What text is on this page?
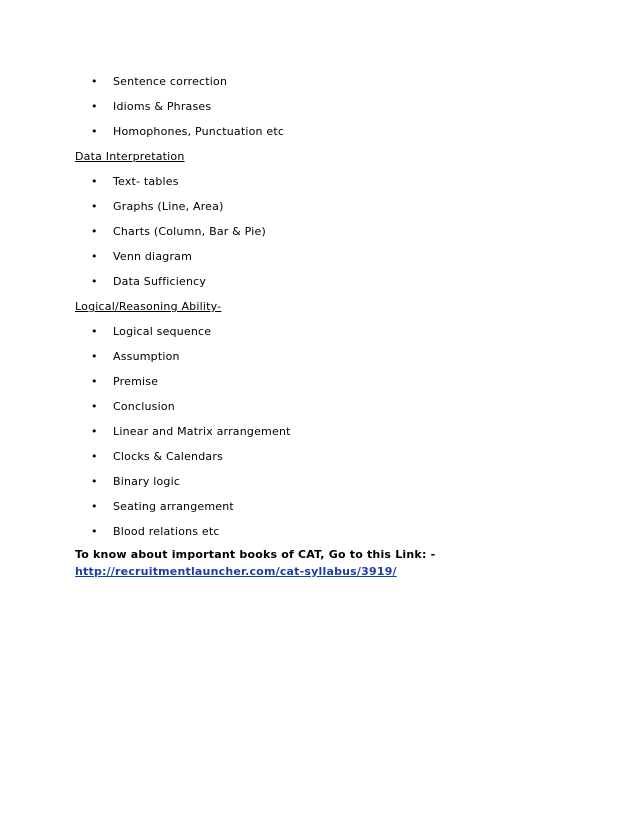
• Sentence correction
• Idioms & Phrases
• Homophones, Punctuation etc
Data Interpretation
• Text- tables
• Graphs (Line, Area)
• Charts (Column, Bar & Pie)
• Venn diagram
• Data Sufficiency
Logical/Reasoning Ability-
• Logical sequence
• Assumption
• Premise
• Conclusion
• Linear and Matrix arrangement
• Clocks & Calendars
• Binary logic
• Seating arrangement
• Blood relations etc
To know about important books of CAT, Go to this Link: -
http://recruitmentlauncher.com/cat-syllabus/3919/
